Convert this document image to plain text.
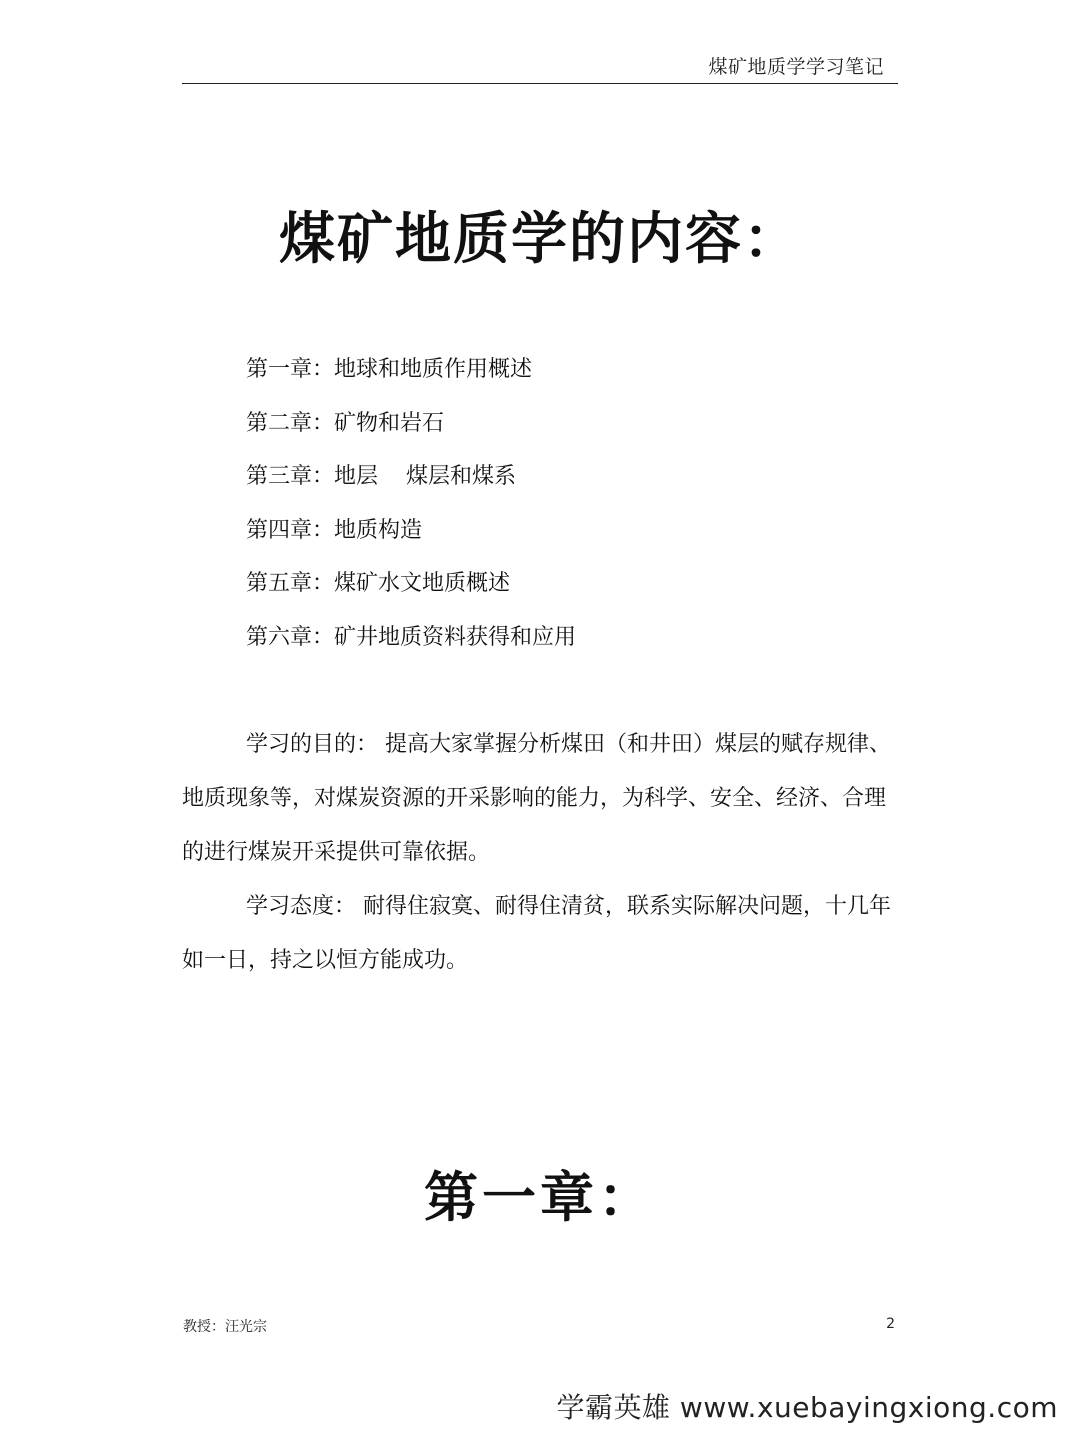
煤矿地质学学习笔记
煤矿地质学的内容：
第一章：地球和地质作用概述
第二章：矿物和岩石
第三章：地层    煤层和煤系
第四章：地质构造
第五章：煤矿水文地质概述
第六章：矿井地质资料获得和应用

学习的目的： 提高大家掌握分析煤田（和井田）煤层的赋存规律、地质现象等，对煤炭资源的开采影响的能力，为科学、安全、经济、合理的进行煤炭开采提供可靠依据。

学习态度： 耐得住寂寞、耐得住清贫，联系实际解决问题，十几年如一日，持之以恒方能成功。

第一章：
教授：汪光宗	2
学霸英雄 www.xuebayingxiong.com
